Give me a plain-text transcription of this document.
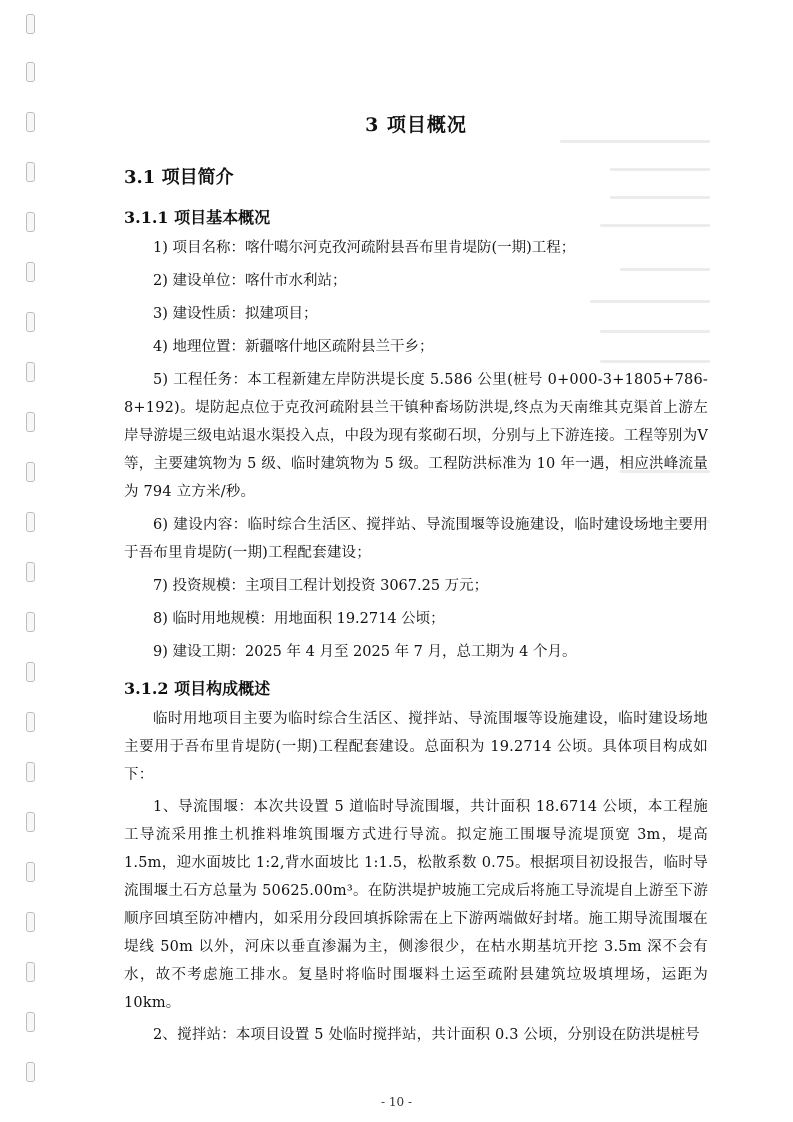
3 项目概况
3.1 项目简介
3.1.1 项目基本概况

1) 项目名称：喀什噶尔河克孜河疏附县吾布里肯堤防(一期)工程；

2) 建设单位：喀什市水利站；

3) 建设性质：拟建项目；

4) 地理位置：新疆喀什地区疏附县兰干乡；

5) 工程任务：本工程新建左岸防洪堤长度 5.586 公里(桩号 0+000-3+1805+786-8+192)。堤防起点位于克孜河疏附县兰干镇种畜场防洪堤,终点为天南维其克渠首上游左岸导游堤三级电站退水渠投入点，中段为现有浆砌石坝，分别与上下游连接。工程等别为Ⅴ等，主要建筑物为 5 级、临时建筑物为 5 级。工程防洪标准为 10 年一遇，相应洪峰流量为 794 立方米/秒。

6) 建设内容：临时综合生活区、搅拌站、导流围堰等设施建设，临时建设场地主要用于吾布里肯堤防(一期)工程配套建设；

7) 投资规模：主项目工程计划投资 3067.25 万元；

8) 临时用地规模：用地面积 19.2714 公顷；

9) 建设工期：2025 年 4 月至 2025 年 7 月，总工期为 4 个月。

3.1.2 项目构成概述

临时用地项目主要为临时综合生活区、搅拌站、导流围堰等设施建设，临时建设场地主要用于吾布里肯堤防(一期)工程配套建设。总面积为 19.2714 公顷。具体项目构成如下：

1、导流围堰：本次共设置 5 道临时导流围堰，共计面积 18.6714 公顷，本工程施工导流采用推土机推料堆筑围堰方式进行导流。拟定施工围堰导流堤顶宽 3m，堤高 1.5m，迎水面坡比 1:2,背水面坡比 1:1.5，松散系数 0.75。根据项目初设报告，临时导流围堰土石方总量为 50625.00m³。在防洪堤护坡施工完成后将施工导流堤自上游至下游顺序回填至防冲槽内，如采用分段回填拆除需在上下游两端做好封堵。施工期导流围堰在堤线 50m 以外，河床以垂直渗漏为主，侧渗很少，在枯水期基坑开挖 3.5m 深不会有水，故不考虑施工排水。复垦时将临时围堰料土运至疏附县建筑垃圾填埋场，运距为 10km。

2、搅拌站：本项目设置 5 处临时搅拌站，共计面积 0.3 公顷，分别设在防洪堤桩号

- 10 -
